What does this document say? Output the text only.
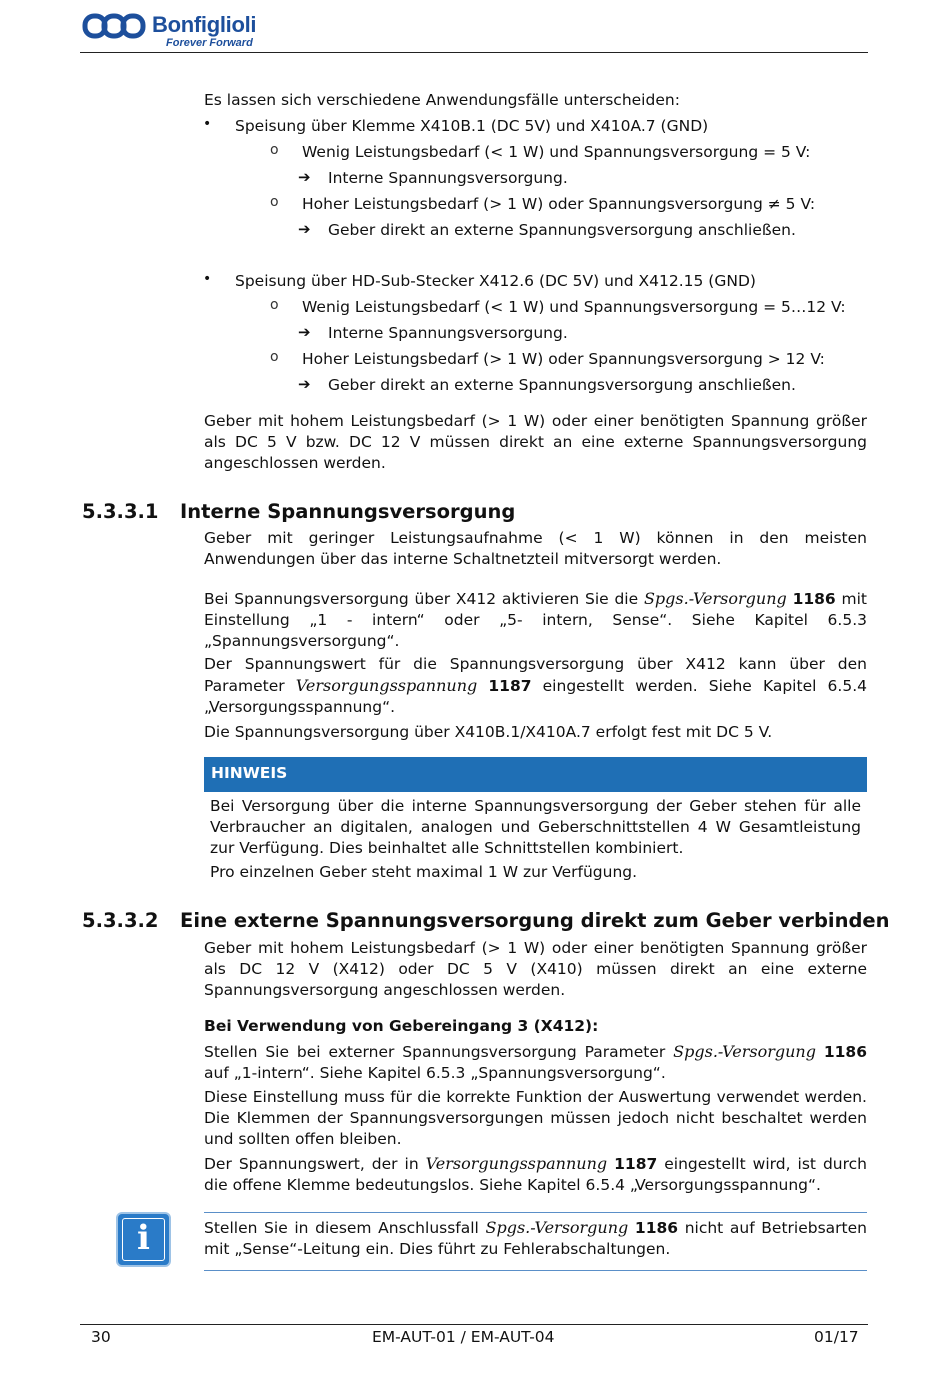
Bonfiglioli
Forever Forward
Es lassen sich verschiedene Anwendungsfälle unterscheiden:
• Speisung über Klemme X410B.1 (DC 5V) und X410A.7 (GND)
o Wenig Leistungsbedarf (< 1 W) und Spannungsversorgung = 5 V:
➔ Interne Spannungsversorgung.
o Hoher Leistungsbedarf (> 1 W) oder Spannungsversorgung ≠ 5 V:
➔ Geber direkt an externe Spannungsversorgung anschließen.
• Speisung über HD-Sub-Stecker X412.6 (DC 5V) und X412.15 (GND)
o Wenig Leistungsbedarf (< 1 W) und Spannungsversorgung = 5…12 V:
➔ Interne Spannungsversorgung.
o Hoher Leistungsbedarf (> 1 W) oder Spannungsversorgung > 12 V:
➔ Geber direkt an externe Spannungsversorgung anschließen.

Geber mit hohem Leistungsbedarf (> 1 W) oder einer benötigten Spannung größer als DC 5 V bzw. DC 12 V müssen direkt an eine externe Spannungsversorgung angeschlossen werden.

5.3.3.1 Interne Spannungsversorgung

Geber mit geringer Leistungsaufnahme (< 1 W) können in den meisten Anwendungen über das interne Schaltnetzteil mitversorgt werden.

Bei Spannungsversorgung über X412 aktivieren Sie die Spgs.-Versorgung 1186 mit Einstellung „1 - intern“ oder „5- intern, Sense“. Siehe Kapitel 6.5.3 „Spannungsversorgung“.

Der Spannungswert für die Spannungsversorgung über X412 kann über den Parameter Versorgungsspannung 1187 eingestellt werden. Siehe Kapitel 6.5.4 „Versorgungsspannung“.

Die Spannungsversorgung über X410B.1/X410A.7 erfolgt fest mit DC 5 V.

HINWEIS

Bei Versorgung über die interne Spannungsversorgung der Geber stehen für alle Verbraucher an digitalen, analogen und Geberschnittstellen 4 W Gesamtleistung zur Verfügung. Dies beinhaltet alle Schnittstellen kombiniert.

Pro einzelnen Geber steht maximal 1 W zur Verfügung.

5.3.3.2 Eine externe Spannungsversorgung direkt zum Geber verbinden

Geber mit hohem Leistungsbedarf (> 1 W) oder einer benötigten Spannung größer als DC 12 V (X412) oder DC 5 V (X410) müssen direkt an eine externe Spannungsversorgung angeschlossen werden.

Bei Verwendung von Gebereingang 3 (X412):

Stellen Sie bei externer Spannungsversorgung Parameter Spgs.-Versorgung 1186 auf „1-intern“. Siehe Kapitel 6.5.3 „Spannungsversorgung“.

Diese Einstellung muss für die korrekte Funktion der Auswertung verwendet werden. Die Klemmen der Spannungsversorgungen müssen jedoch nicht beschaltet werden und sollten offen bleiben.

Der Spannungswert, der in Versorgungsspannung 1187 eingestellt wird, ist durch die offene Klemme bedeutungslos. Siehe Kapitel 6.5.4 „Versorgungsspannung“.

i	Stellen Sie in diesem Anschlussfall Spgs.-Versorgung 1186 nicht auf Betriebsarten mit „Sense“-Leitung ein. Dies führt zu Fehlerabschaltungen.

30	EM-AUT-01 / EM-AUT-04	01/17
